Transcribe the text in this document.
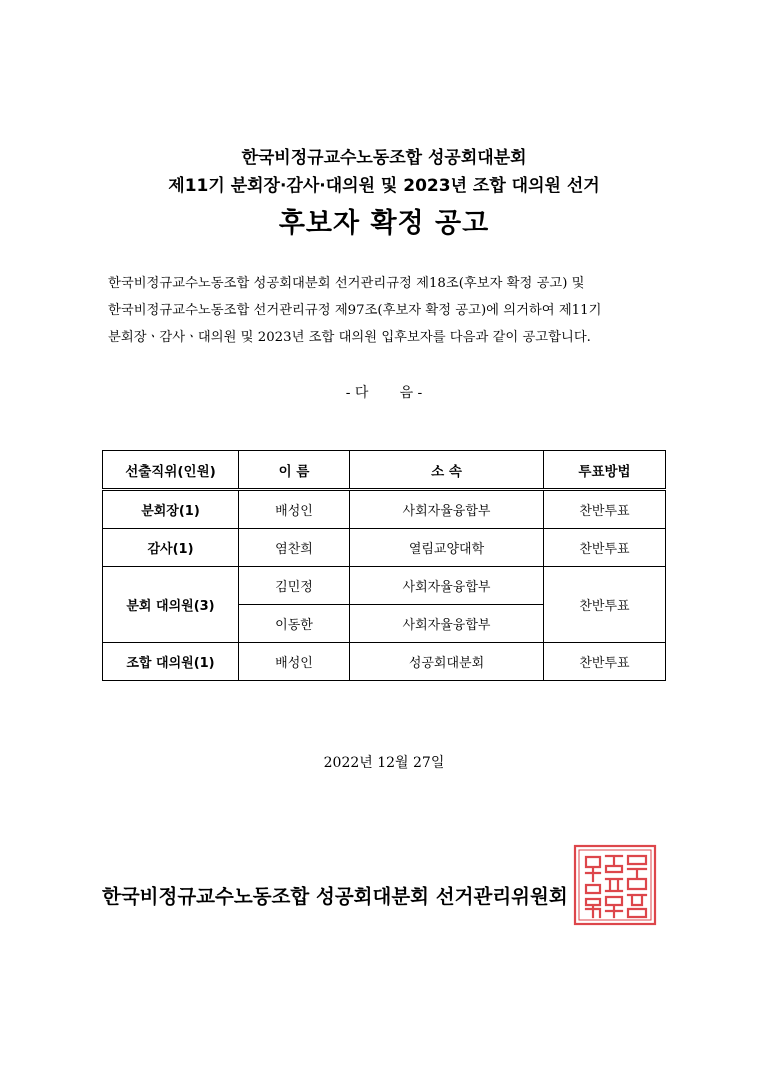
한국비정규교수노동조합 성공회대분회
제11기 분회장·감사·대의원 및 2023년 조합 대의원 선거
후보자 확정 공고
한국비정규교수노동조합 성공회대분회 선거관리규정 제18조(후보자 확정 공고) 및
한국비정규교수노동조합 선거관리규정 제97조(후보자 확정 공고)에 의거하여 제11기
분회장ㆍ감사ㆍ대의원 및 2023년 조합 대의원 입후보자를 다음과 같이 공고합니다.
- 다       음 -
선출직위(인원)	이 름	소 속	투표방법
분회장(1)	배성인	사회자율융합부	찬반투표
감사(1)	염찬희	열림교양대학	찬반투표
분회 대의원(3)	김민정	사회자율융합부	찬반투표
	이동한	사회자율융합부	
조합 대의원(1)	배성인	성공회대분회	찬반투표
2022년 12월 27일
한국비정규교수노동조합 성공회대분회 선거관리위원회
